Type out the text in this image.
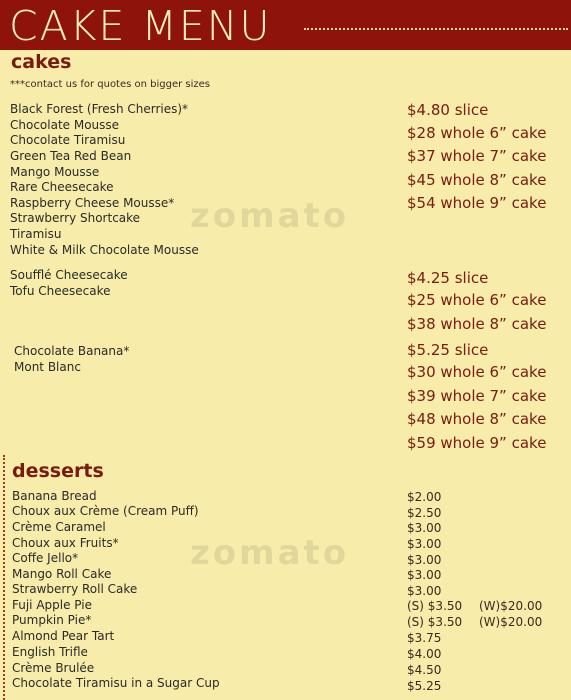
CAKE MENU
zomato
zomato
cakes
***contact us for quotes on bigger sizes
Black Forest (Fresh Cherries)*
Chocolate Mousse
Chocolate Tiramisu
Green Tea Red Bean
Mango Mousse
Rare Cheesecake
Raspberry Cheese Mousse*
Strawberry Shortcake
Tiramisu
White & Milk Chocolate Mousse
$4.80 slice
$28 whole 6” cake
$37 whole 7” cake
$45 whole 8” cake
$54 whole 9” cake
Soufflé Cheesecake
Tofu Cheesecake
$4.25 slice
$25 whole 6” cake
$38 whole 8” cake
Chocolate Banana*
Mont Blanc
$5.25 slice
$30 whole 6” cake
$39 whole 7” cake
$48 whole 8” cake
$59 whole 9” cake
desserts
Banana Bread	$2.00
Choux aux Crème (Cream Puff)	$2.50
Crème Caramel	$3.00
Choux aux Fruits*	$3.00
Coffe Jello*	$3.00
Mango Roll Cake	$3.00
Strawberry Roll Cake	$3.00
Fuji Apple Pie	(S) $3.50 (W)$20.00
Pumpkin Pie*	(S) $3.50 (W)$20.00
Almond Pear Tart	$3.75
English Trifle	$4.00
Crème Brulée	$4.50
Chocolate Tiramisu in a Sugar Cup	$5.25
